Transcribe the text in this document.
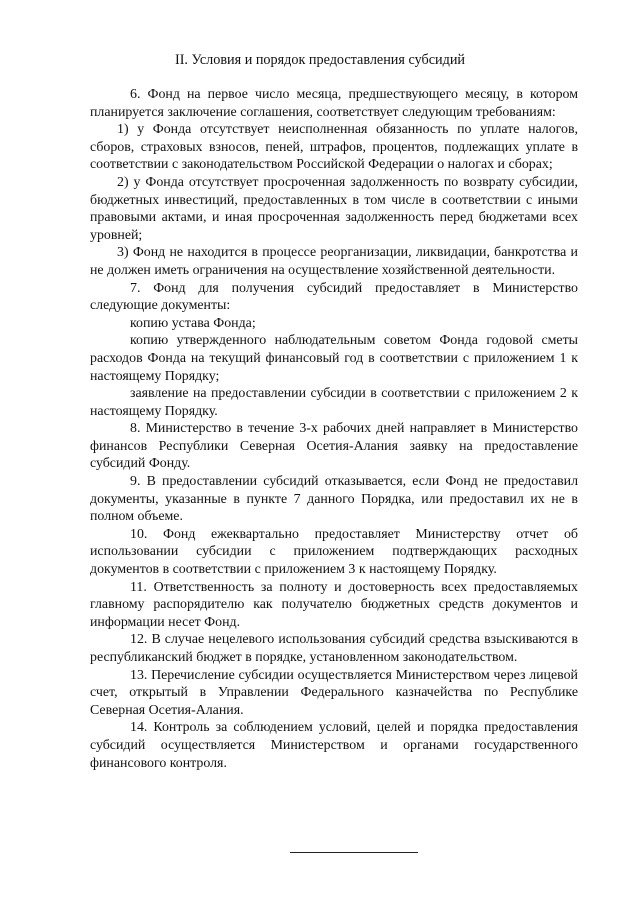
II. Условия и порядок предоставления субсидий

6. Фонд на первое число месяца, предшествующего месяцу, в котором планируется заключение соглашения, соответствует следующим требованиям:

1) у Фонда отсутствует неисполненная обязанность по уплате налогов, сборов, страховых взносов, пеней, штрафов, процентов, подлежащих уплате в соответствии с законодательством Российской Федерации о налогах и сборах;

2) у Фонда отсутствует просроченная задолженность по возврату субсидии, бюджетных инвестиций, предоставленных в том числе в соответствии с иными правовыми актами, и иная просроченная задолженность перед бюджетами всех уровней;

3) Фонд не находится в процессе реорганизации, ликвидации, банкротства и не должен иметь ограничения на осуществление хозяйственной деятельности.

7. Фонд для получения субсидий предоставляет в Министерство следующие документы:

копию устава Фонда;

копию утвержденного наблюдательным советом Фонда годовой сметы расходов Фонда на текущий финансовый год в соответствии с приложением 1 к настоящему Порядку;

заявление на предоставлении субсидии в соответствии с приложением 2 к настоящему Порядку.

8. Министерство в течение 3-х рабочих дней направляет в Министерство финансов Республики Северная Осетия-Алания заявку на предоставление субсидий Фонду.

9. В предоставлении субсидий отказывается, если Фонд не предоставил документы, указанные в пункте 7 данного Порядка, или предоставил их не в полном объеме.

10. Фонд ежеквартально предоставляет Министерству отчет об использовании субсидии с приложением подтверждающих расходных документов в соответствии с приложением 3 к настоящему Порядку.

11. Ответственность за полноту и достоверность всех предоставляемых главному распорядителю как получателю бюджетных средств документов и информации несет Фонд.

12. В случае нецелевого использования субсидий средства взыскиваются в республиканский бюджет в порядке, установленном законодательством.

13. Перечисление субсидии осуществляется Министерством через лицевой счет, открытый в Управлении Федерального казначейства по Республике Северная Осетия-Алания.

14. Контроль за соблюдением условий, целей и порядка предоставления субсидий осуществляется Министерством и органами государственного финансового контроля.
